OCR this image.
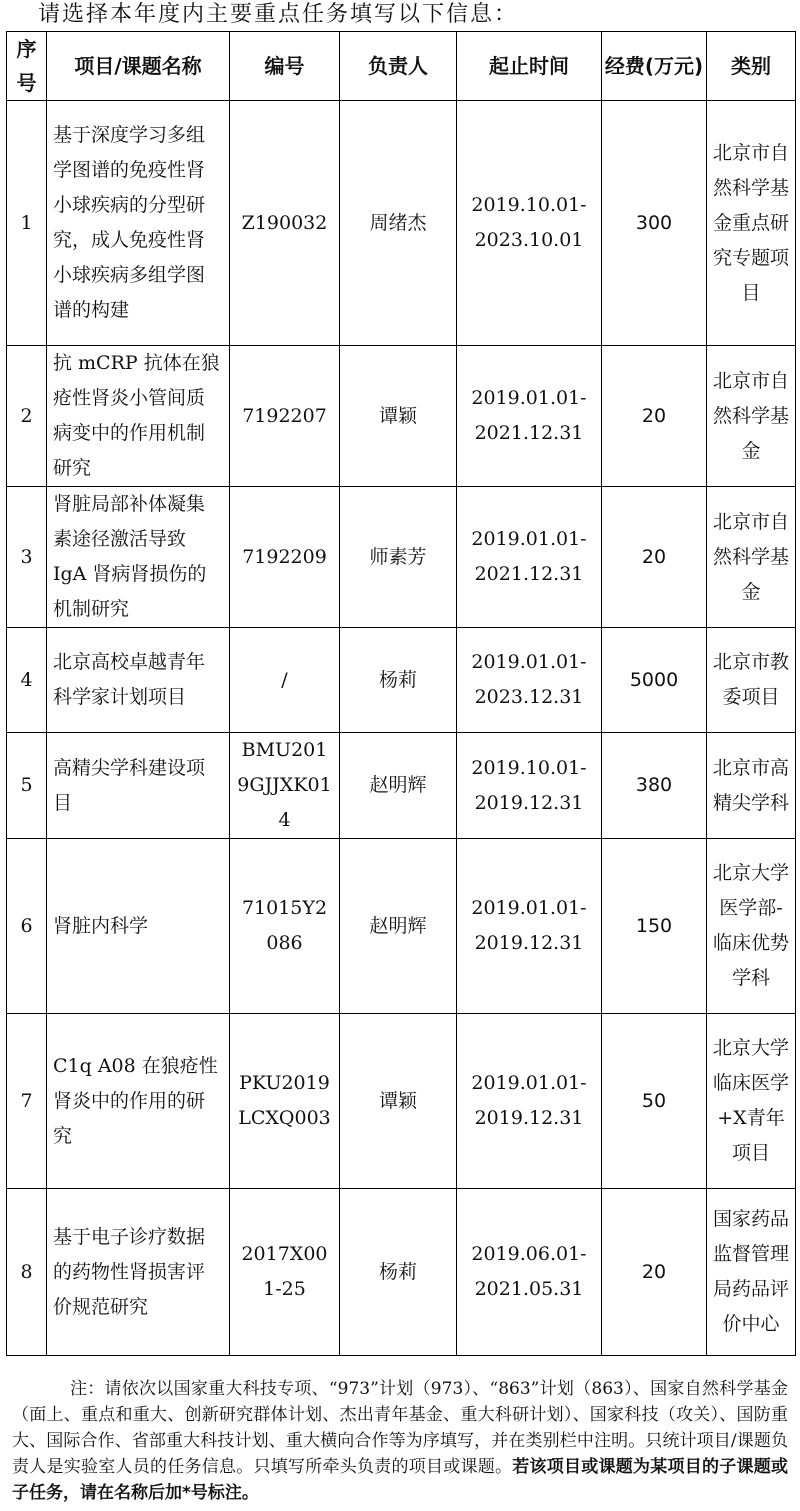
请选择本年度内主要重点任务填写以下信息：
序号	项目/课题名称	编号	负责人	起止时间	经费(万元)	类别
1	基于深度学习多组学图谱的免疫性肾小球疾病的分型研究，成人免疫性肾小球疾病多组学图谱的构建	Z190032	周绪杰	2019.10.01-2023.10.01	300	北京市自然科学基金重点研究专题项目
2	抗 mCRP 抗体在狼疮性肾炎小管间质病变中的作用机制研究	7192207	谭颖	2019.01.01-2021.12.31	20	北京市自然科学基金
3	肾脏局部补体凝集素途径激活导致 IgA 肾病肾损伤的机制研究	7192209	师素芳	2019.01.01-2021.12.31	20	北京市自然科学基金
4	北京高校卓越青年科学家计划项目	/	杨莉	2019.01.01-2023.12.31	5000	北京市教委项目
5	高精尖学科建设项目	BMU2019GJJXK014	赵明辉	2019.10.01-2019.12.31	380	北京市高精尖学科
6	肾脏内科学	71015Y2086	赵明辉	2019.01.01-2019.12.31	150	北京大学医学部-临床优势学科
7	C1q A08 在狼疮性肾炎中的作用的研究	PKU2019LCXQ003	谭颖	2019.01.01-2019.12.31	50	北京大学临床医学+X青年项目
8	基于电子诊疗数据的药物性肾损害评价规范研究	2017X001-25	杨莉	2019.06.01-2021.05.31	20	国家药品监督管理局药品评价中心
注：请依次以国家重大科技专项、“973”计划（973）、“863”计划（863）、国家自然科学基金（面上、重点和重大、创新研究群体计划、杰出青年基金、重大科研计划）、国家科技（攻关）、国防重大、国际合作、省部重大科技计划、重大横向合作等为序填写，并在类别栏中注明。只统计项目/课题负责人是实验室人员的任务信息。只填写所牵头负责的项目或课题。若该项目或课题为某项目的子课题或子任务，请在名称后加*号标注。
